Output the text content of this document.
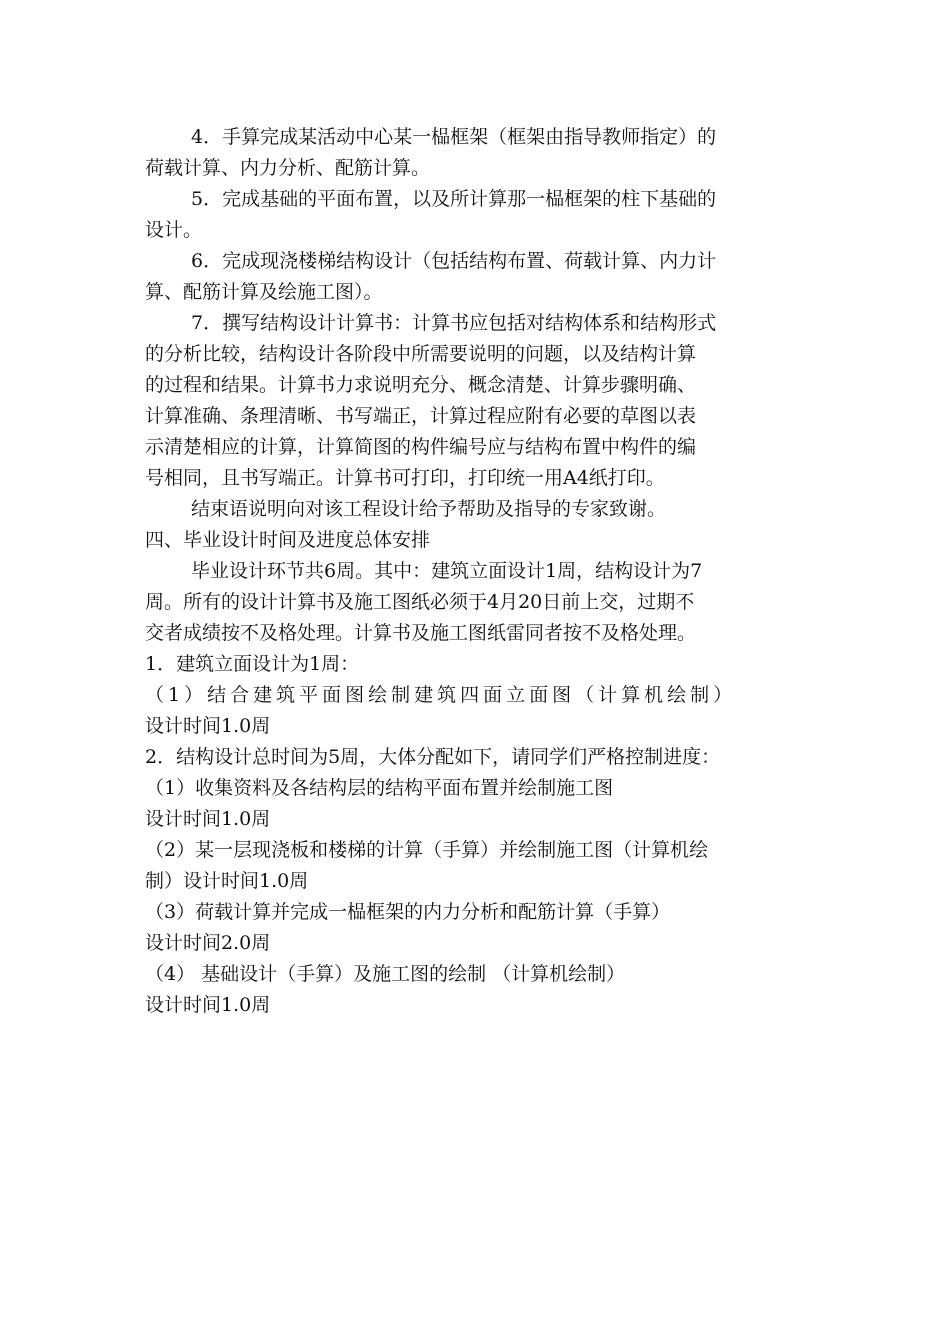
4．手算完成某活动中心某一榀框架（框架由指导教师指定）的
荷载计算、内力分析、配筋计算。
5．完成基础的平面布置，以及所计算那一榀框架的柱下基础的
设计。
6．完成现浇楼梯结构设计（包括结构布置、荷载计算、内力计
算、配筋计算及绘施工图）。
7．撰写结构设计计算书：计算书应包括对结构体系和结构形式
的分析比较，结构设计各阶段中所需要说明的问题，以及结构计算
的过程和结果。计算书力求说明充分、概念清楚、计算步骤明确、
计算准确、条理清晰、书写端正，计算过程应附有必要的草图以表
示清楚相应的计算，计算简图的构件编号应与结构布置中构件的编
号相同，且书写端正。计算书可打印，打印统一用A4纸打印。
结束语说明向对该工程设计给予帮助及指导的专家致谢。
四、毕业设计时间及进度总体安排
毕业设计环节共6周。其中：建筑立面设计1周，结构设计为7
周。所有的设计计算书及施工图纸必须于4月20日前上交，过期不
交者成绩按不及格处理。计算书及施工图纸雷同者按不及格处理。
1．建筑立面设计为1周：
（1）结合建筑平面图绘制建筑四面立面图（计算机绘制）
设计时间1.0周
2．结构设计总时间为5周，大体分配如下，请同学们严格控制进度：
（1）收集资料及各结构层的结构平面布置并绘制施工图
设计时间1.0周
（2）某一层现浇板和楼梯的计算（手算）并绘制施工图（计算机绘
制）设计时间1.0周
（3）荷载计算并完成一榀框架的内力分析和配筋计算（手算）
设计时间2.0周
（4） 基础设计（手算）及施工图的绘制 （计算机绘制）
设计时间1.0周
